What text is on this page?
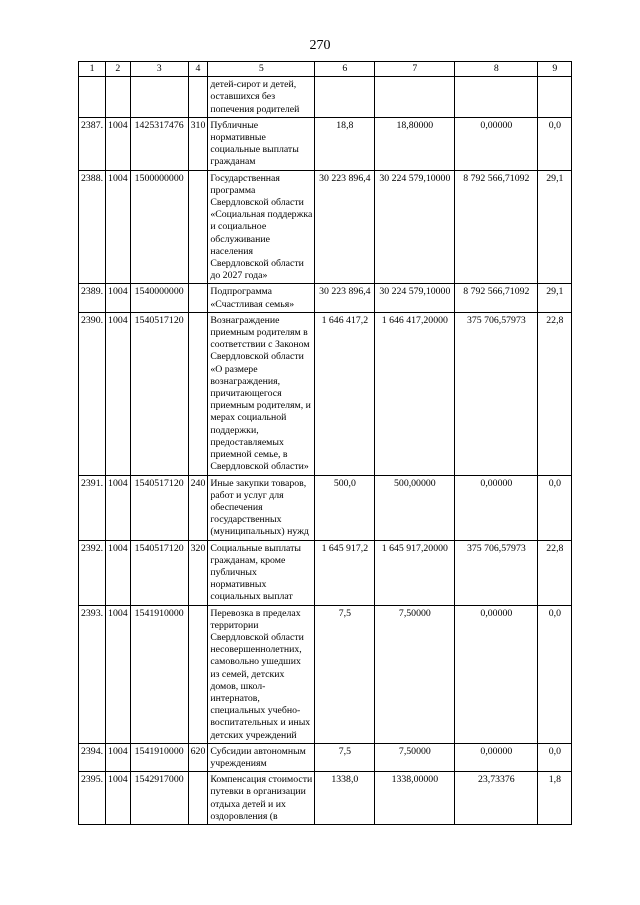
270
1	2	3	4	5	6	7	8	9
				детей-сирот и детей, оставшихся без попечения родителей				
2387.	1004	1425317476	310	Публичные нормативные социальные выплаты гражданам	18,8	18,80000	0,00000	0,0
2388.	1004	1500000000		Государственная программа Свердловской области «Социальная поддержка и социальное обслуживание населения Свердловской области до 2027 года»	30 223 896,4	30 224 579,10000	8 792 566,71092	29,1
2389.	1004	1540000000		Подпрограмма «Счастливая семья»	30 223 896,4	30 224 579,10000	8 792 566,71092	29,1
2390.	1004	1540517120		Вознаграждение приемным родителям в соответствии с Законом Свердловской области «О размере вознаграждения, причитающегося приемным родителям, и мерах социальной поддержки, предоставляемых приемной семье, в Свердловской области»	1 646 417,2	1 646 417,20000	375 706,57973	22,8
2391.	1004	1540517120	240	Иные закупки товаров, работ и услуг для обеспечения государственных (муниципальных) нужд	500,0	500,00000	0,00000	0,0
2392.	1004	1540517120	320	Социальные выплаты гражданам, кроме публичных нормативных социальных выплат	1 645 917,2	1 645 917,20000	375 706,57973	22,8
2393.	1004	1541910000		Перевозка в пределах территории Свердловской области несовершеннолетних, самовольно ушедших из семей, детских домов, школ-интернатов, специальных учебно-воспитательных и иных детских учреждений	7,5	7,50000	0,00000	0,0
2394.	1004	1541910000	620	Субсидии автономным учреждениям	7,5	7,50000	0,00000	0,0
2395.	1004	1542917000		Компенсация стоимости путевки в организации отдыха детей и их оздоровления (в	1338,0	1338,00000	23,73376	1,8
